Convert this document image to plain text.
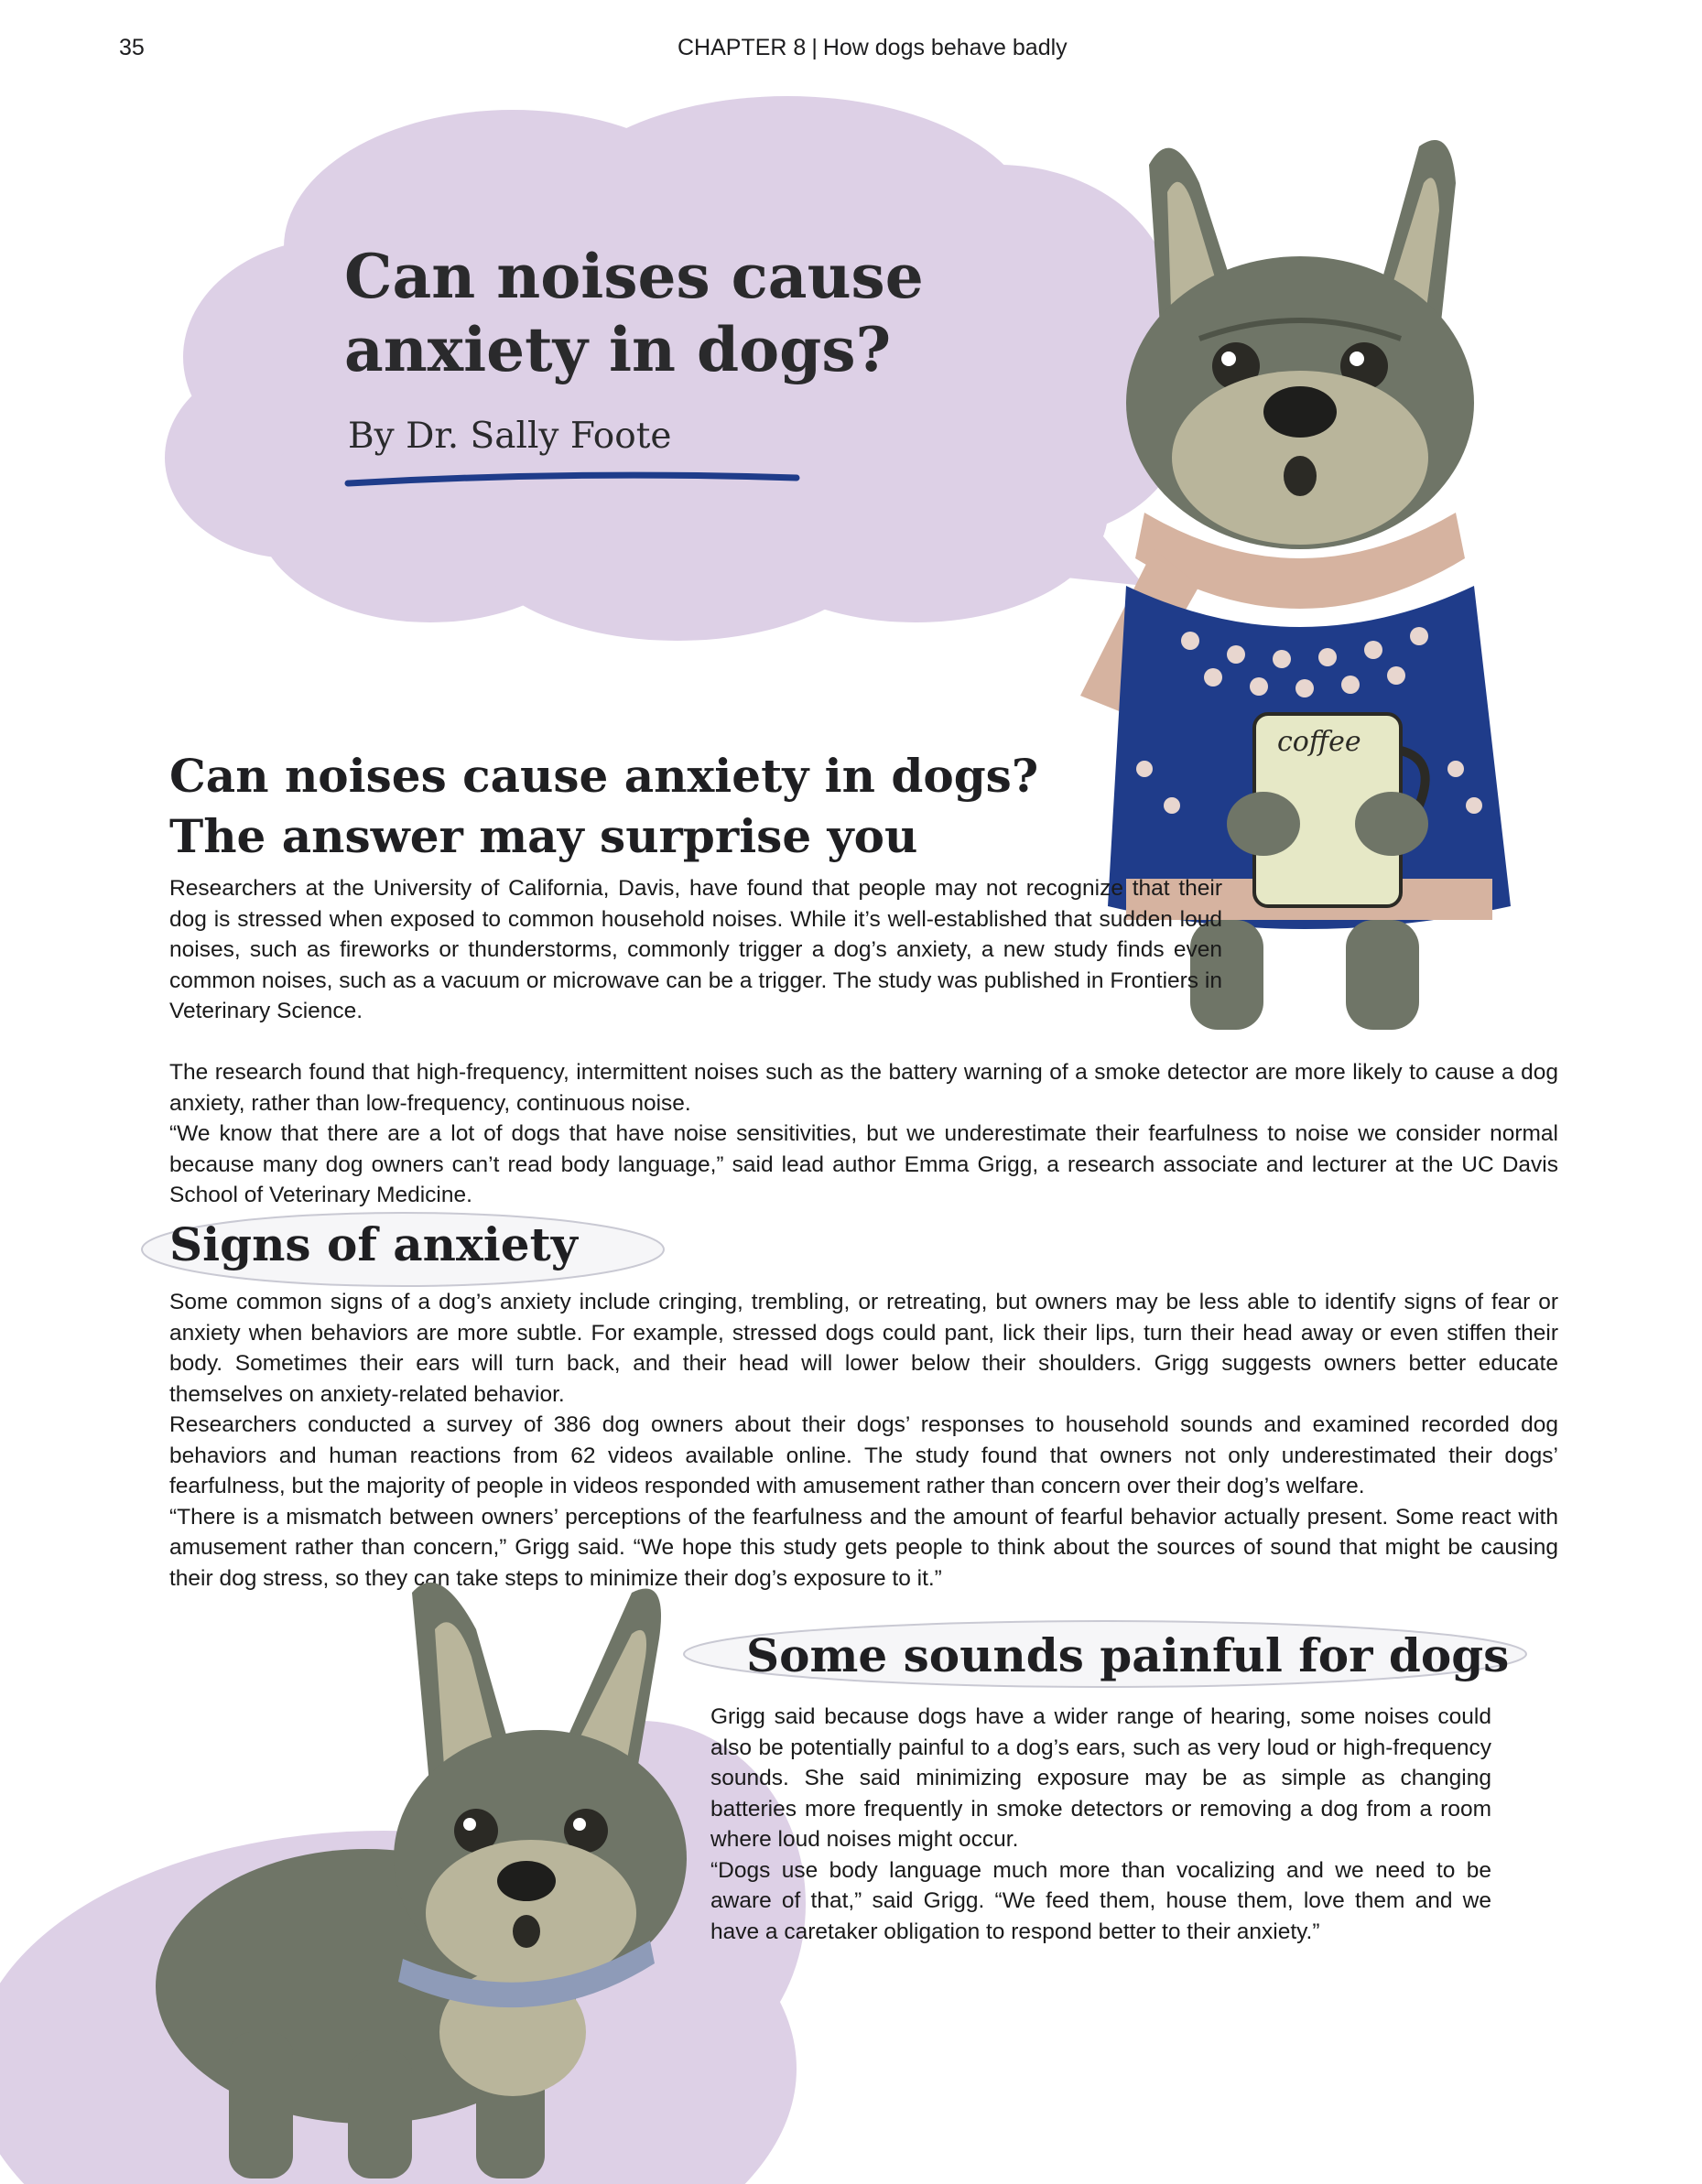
35	CHAPTER 8 | How dogs behave badly
Can noises cause anxiety in dogs?
By Dr. Sally Foote
coffee
Can noises cause anxiety in dogs?
The answer may surprise you

Researchers at the University of California, Davis, have found that people may not recognize that their dog is stressed when exposed to common household noises. While it’s well-established that sudden loud noises, such as fireworks or thunderstorms, commonly trigger a dog’s anxiety, a new study finds even common noises, such as a vacuum or microwave can be a trigger. The study was published in Frontiers in Veterinary Science.

The research found that high-frequency, intermittent noises such as the battery warning of a smoke detector are more likely to cause a dog anxiety, rather than low-frequency, continuous noise.

“We know that there are a lot of dogs that have noise sensitivities, but we underestimate their fearfulness to noise we consider normal because many dog owners can’t read body language,” said lead author Emma Grigg, a research associate and lecturer at the UC Davis School of Veterinary Medicine.

Signs of anxiety

Some common signs of a dog’s anxiety include cringing, trembling, or retreating, but owners may be less able to identify signs of fear or anxiety when behaviors are more subtle. For example, stressed dogs could pant, lick their lips, turn their head away or even stiffen their body. Sometimes their ears will turn back, and their head will lower below their shoulders. Grigg suggests owners better educate themselves on anxiety-related behavior.

Researchers conducted a survey of 386 dog owners about their dogs’ responses to household sounds and examined recorded dog behaviors and human reactions from 62 videos available online. The study found that owners not only underestimated their dogs’ fearfulness, but the majority of people in videos responded with amusement rather than concern over their dog’s welfare.

“There is a mismatch between owners’ perceptions of the fearfulness and the amount of fearful behavior actually present. Some react with amusement rather than concern,” Grigg said. “We hope this study gets people to think about the sources of sound that might be causing their dog stress, so they can take steps to minimize their dog’s exposure to it.”

Some sounds painful for dogs

Grigg said because dogs have a wider range of hearing, some noises could also be potentially painful to a dog’s ears, such as very loud or high-frequency sounds. She said minimizing exposure may be as simple as changing batteries more frequently in smoke detectors or removing a dog from a room where loud noises might occur.

“Dogs use body language much more than vocalizing and we need to be aware of that,” said Grigg. “We feed them, house them, love them and we have a caretaker obligation to respond better to their anxiety.”
